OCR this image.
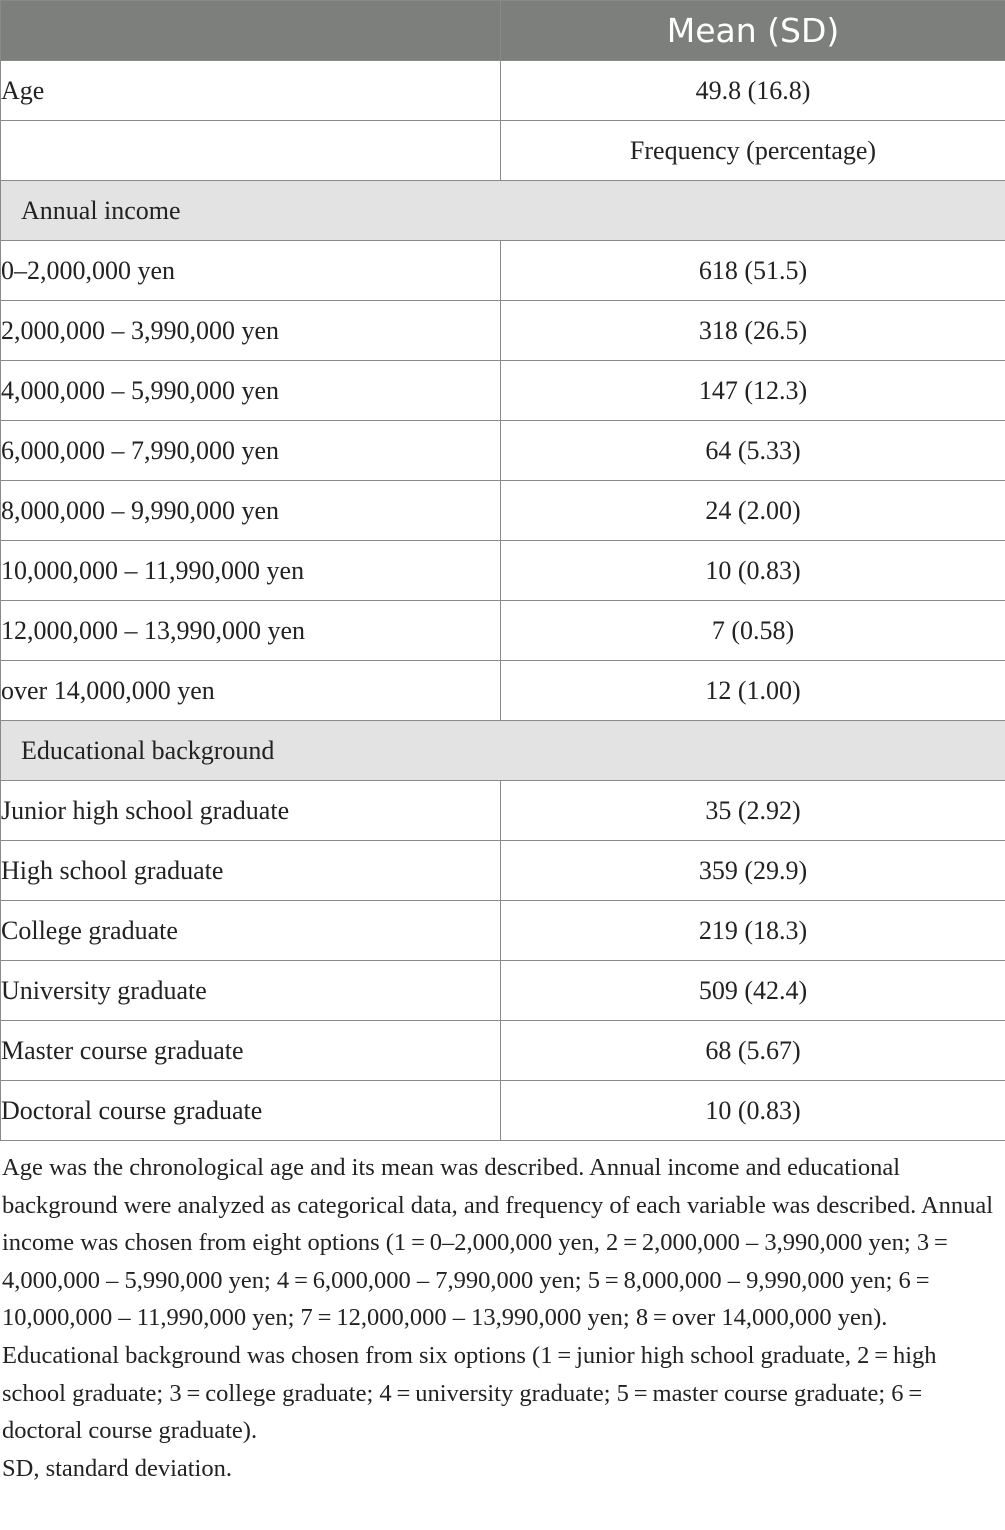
	Mean (SD)
Age	49.8 (16.8)
	Frequency (percentage)
Annual income	
0–2,000,000 yen	618 (51.5)
2,000,000 – 3,990,000 yen	318 (26.5)
4,000,000 – 5,990,000 yen	147 (12.3)
6,000,000 – 7,990,000 yen	64 (5.33)
8,000,000 – 9,990,000 yen	24 (2.00)
10,000,000 – 11,990,000 yen	10 (0.83)
12,000,000 – 13,990,000 yen	7 (0.58)
over 14,000,000 yen	12 (1.00)
Educational background	
Junior high school graduate	35 (2.92)
High school graduate	359 (29.9)
College graduate	219 (18.3)
University graduate	509 (42.4)
Master course graduate	68 (5.67)
Doctoral course graduate	10 (0.83)

Age was the chronological age and its mean was described. Annual income and educational background were analyzed as categorical data, and frequency of each variable was described. Annual income was chosen from eight options (1 = 0–2,000,000 yen, 2 = 2,000,000 – 3,990,000 yen; 3 = 4,000,000 – 5,990,000 yen; 4 = 6,000,000 – 7,990,000 yen; 5 = 8,000,000 – 9,990,000 yen; 6 = 10,000,000 – 11,990,000 yen; 7 = 12,000,000 – 13,990,000 yen; 8 = over 14,000,000 yen). Educational background was chosen from six options (1 = junior high school graduate, 2 = high school graduate; 3 = college graduate; 4 = university graduate; 5 = master course graduate; 6 = doctoral course graduate).

SD, standard deviation.
